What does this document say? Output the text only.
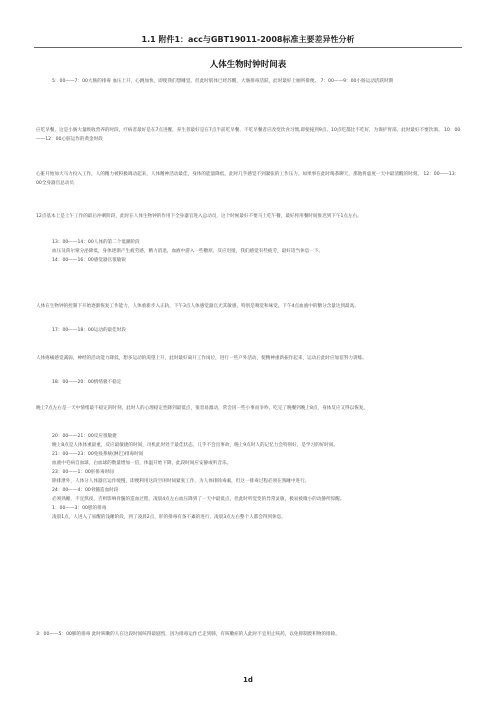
1.1 附件1：acc与GBT19011-2008标准主要差异性分析
人体生物时钟时间表

5：00——7：00大肠的排毒 血压上升，心跳加快，即使我们想睡觉，但此时肌体已经苏醒，大肠排毒活跃，此时最好上厕所排便。 7：00——9：00小肠运动活跃时期

应吃早餐，这是小肠大量吸收营养的时段，疗病者最好是在7点进餐，养生者最好是在7点半前吃早餐，不吃早餐者应改变饮食习惯,即使拖到9点、10点吃都比不吃好，为保护胃部，此时最好不要饮酒。 10：00——12：00心脏运作的黄金时段

心脏开始加大马力投入工作，人的精力被积极调动起来，人体精神活动最佳，身体的能量降低，此时几乎感觉不到紧张的工作压力。如果事在此时喝茶聊天，那他将虚度一天中最清醒的时刻。 12：00——13：00全身器官总动员

12点基本上是上午工作的最后冲刺阶段，此时在人体生物钟的作用下全身器官进入总动员，这个时候最好不要马上吃午餐，最好将用餐时间推迟到下午1点左右。

13：00——14：00人体的第二个低潮阶段

血压及荷尔蒙分泌降低，身体逐渐产生疲劳感，精力消退，血液中游入一些糖原，反应迟缓，我们感觉有些疲劳，最好适当休息一下。

14：00——16：00感觉器官很敏锐

人体在生物钟的控制下开始逐渐恢复工作能力，人体重新步入正轨，下午3点人体感觉器官尤其敏感，特别是嗅觉和味觉，下午4点血液中的糖分含量达到最高。

17：00——18：00运动的最佳时段

人体疼痛感觉减弱，神经的活动能力降低，想多运动的渴望上升，此时最好离开工作岗位，进行一些户外活动，使精神重新振作起来，运动后此时应加倍努力训练。

18：00——20：00情绪极不稳定

晚上7点左右是一天中情绪最不稳定的时刻，此时人的心理稳定性降到最低点，很容易激动，常会因一些小事而争吵，吃完了晚餐到晚上8点，身体反应又得以恢复。

20：00——21：00反应很敏捷

晚上8点是人体体重最重，反应最敏捷的时间，司机此时处于最佳状态，几乎不会出事故，晚上9点时人的记忆力会特别好，是学习的好时间。

21：00——23：00免疫系统(淋巴)排毒时间

血液中毛病自血球，白血球的数量增加一倍，体温开始下降，此段时间应安静或听音乐。

23：00——1：00肝排毒时间

除排泄外，人体分人体器官运作缓慢，即便利用这段空闲时间紧张工作，为人体排除毒素，但这一排毒过程必须在熟睡中进行。

24：00——4：00骨髓造血时段

必须熟睡，不宜熬夜，否则影响骨髓的造血过程，凌晨4点左右血压降到了一天中最低点，但此时听觉变的异常灵敏，极易被微小的动静所惊醒。

1：00——3：00胆的排毒

凌晨1点，人进入了易醒的浅睡阶段，到了凌晨2点，肝的排毒有条不紊的进行，凌晨3点左右整个人都会得到休息。

3：00——5：00肺的排毒 此时咳嗽的人在这段时间咳得最剧烈，因为排毒运作已走到肺，有咳嗽症的人此时不宜用止咳药，以免抑制废积物的排除。

1d
